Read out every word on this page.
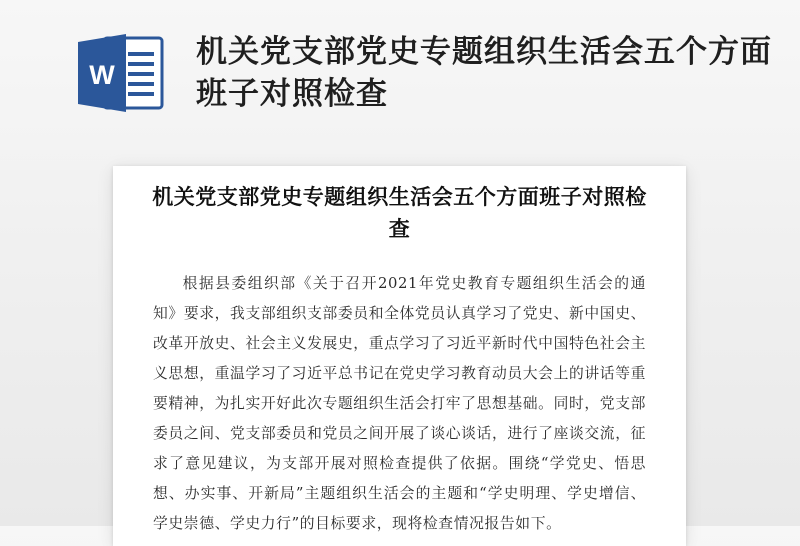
W
机关党支部党史专题组织生活会五个方面班子对照检查
机关党支部党史专题组织生活会五个方面班子对照检查

根据县委组织部《关于召开2021年党史教育专题组织生活会的通知》要求，我支部组织支部委员和全体党员认真学习了党史、新中国史、改革开放史、社会主义发展史，重点学习了习近平新时代中国特色社会主义思想，重温学习了习近平总书记在党史学习教育动员大会上的讲话等重要精神，为扎实开好此次专题组织生活会打牢了思想基础。同时，党支部委员之间、党支部委员和党员之间开展了谈心谈话，进行了座谈交流，征求了意见建议，为支部开展对照检查提供了依据。围绕“学党史、悟思想、办实事、开新局”主题组织生活会的主题和“学史明理、学史增信、学史崇德、学史力行”的目标要求，现将检查情况报告如下。
